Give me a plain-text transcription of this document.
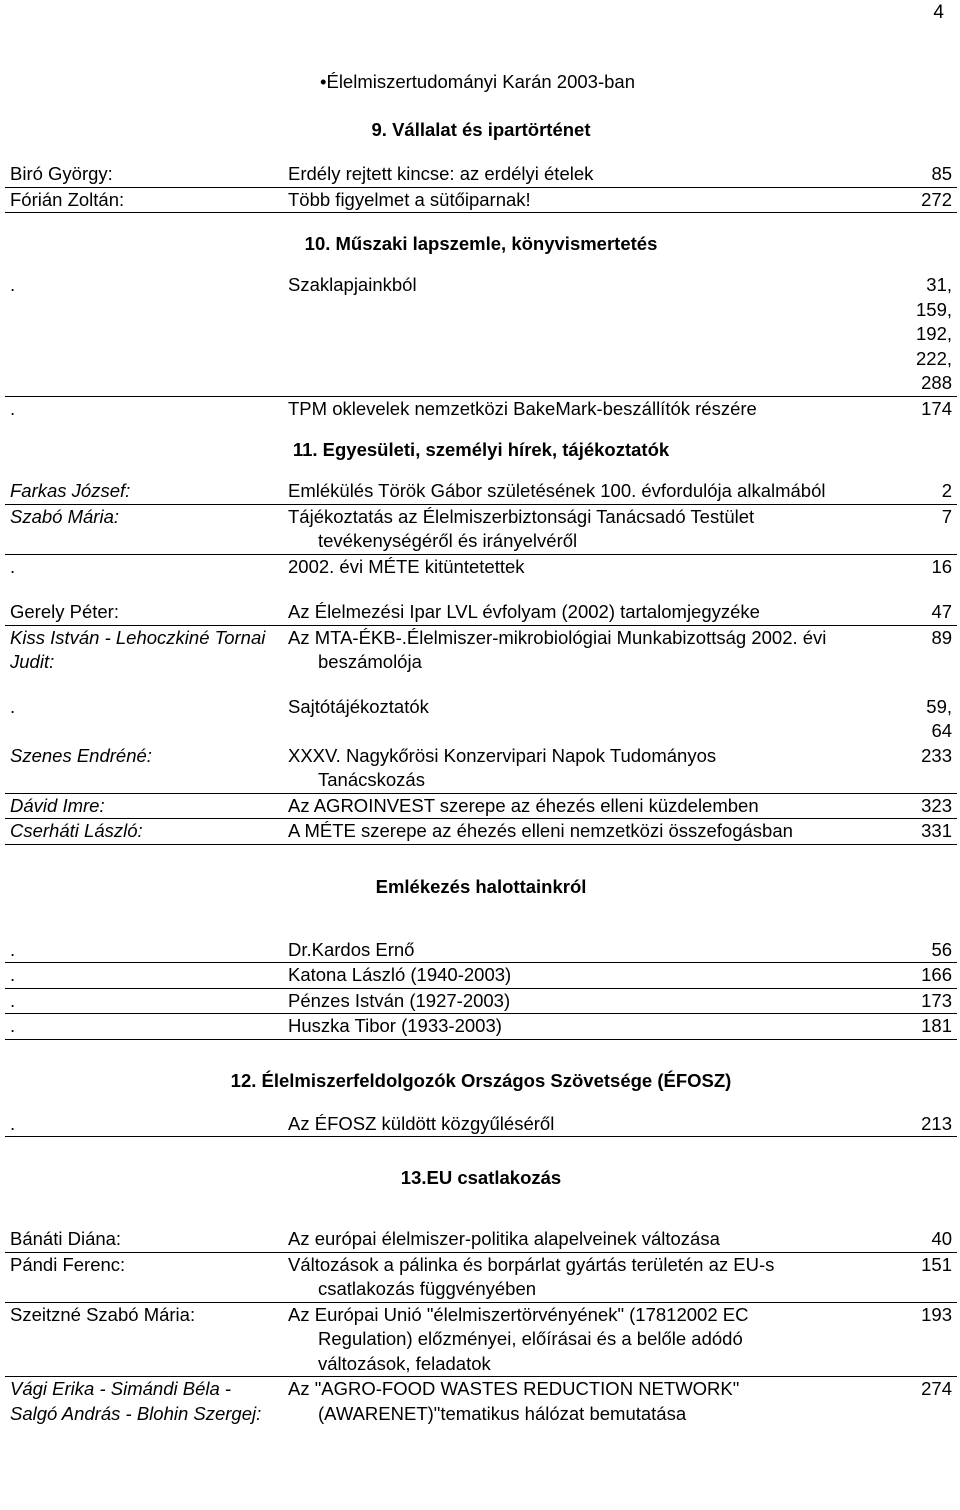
4
•Élelmiszertudományi Karán 2003-ban		

9. Vállalat és ipartörténet		

Biró György:	Erdély rejtett kincse: az erdélyi ételek	85

Fórián Zoltán:	Több figyelmet a sütőiparnak!	272

10. Műszaki lapszemle, könyvismertetés		

.	Szaklapjainkból	31,
159,
192,
222,
288

.	TPM oklevelek nemzetközi BakeMark-beszállítók részére	174

11. Egyesületi, személyi hírek, tájékoztatók		

Farkas József:	Emlékülés Török Gábor születésének 100. évfordulója alkalmából	2

Szabó Mária:	Tájékoztatás az Élelmiszerbiztonsági Tanácsadó Testület
tevékenységéről és irányelvéről	7

.	2002. évi MÉTE kitüntetettek	16

Gerely Péter:	Az Élelmezési Ipar LVL évfolyam (2002) tartalomjegyzéke	47

Kiss István - Lehoczkiné Tornai Judit:	Az MTA-ÉKB-.Élelmiszer-mikrobiológiai Munkabizottság 2002. évi
beszámolója	89

.	Sajtótájékoztatók	59,
64

Szenes Endréné:	XXXV. Nagykőrösi Konzervipari Napok Tudományos
Tanácskozás	233

Dávid Imre:	Az AGROINVEST szerepe az éhezés elleni küzdelemben	323

Cserháti László:	A MÉTE szerepe az éhezés elleni nemzetközi összefogásban	331

Emlékezés halottainkról		

.	Dr.Kardos Ernő	56

.	Katona László (1940-2003)	166

.	Pénzes István (1927-2003)	173

.	Huszka Tibor (1933-2003)	181

12. Élelmiszerfeldolgozók Országos Szövetsége (ÉFOSZ)		

.	Az ÉFOSZ küldött közgyűléséről	213

13.EU csatlakozás		

Bánáti Diána:	Az európai élelmiszer-politika alapelveinek változása	40

Pándi Ferenc:	Változások a pálinka és borpárlat gyártás területén az EU-s
csatlakozás függvényében	151

Szeitzné Szabó Mária:	Az Európai Unió "élelmiszertörvényének" (17812002 EC
Regulation) előzményei, előírásai és a belőle adódó
változások, feladatok	193

Vági Erika - Simándi Béla - Salgó András - Blohin Szergej:	Az "AGRO-FOOD WASTES REDUCTION NETWORK"
(AWARENET)"tematikus hálózat bemutatása	274
